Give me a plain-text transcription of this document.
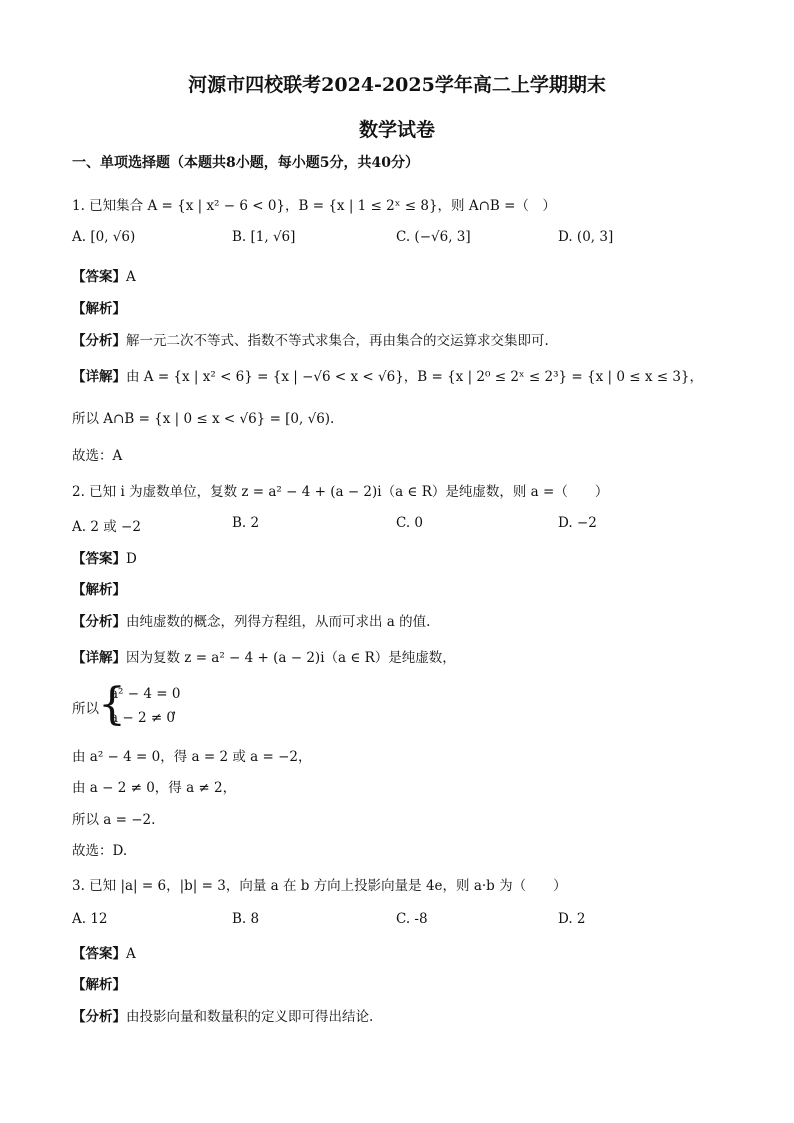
河源市四校联考2024-2025学年高二上学期期末
数学试卷
一、单项选择题（本题共8小题，每小题5分，共40分）
1. 已知集合 A = {x | x² − 6 < 0}，B = {x | 1 ≤ 2ˣ ≤ 8}，则 A∩B =（　）
A. [0, √6)	B. [1, √6]	C. (−√6, 3]	D. (0, 3]
【答案】A
【解析】
【分析】解一元二次不等式、指数不等式求集合，再由集合的交运算求交集即可.
【详解】由 A = {x | x² < 6} = {x | −√6 < x < √6}，B = {x | 2⁰ ≤ 2ˣ ≤ 2³} = {x | 0 ≤ x ≤ 3}，
所以 A∩B = {x | 0 ≤ x < √6} = [0, √6).
故选：A
2. 已知 i 为虚数单位，复数 z = a² − 4 + (a − 2)i（a ∈ R）是纯虚数，则 a =（　　）
A. 2 或 −2	B. 2	C. 0	D. −2
【答案】D
【解析】
【分析】由纯虚数的概念，列得方程组，从而可求出 a 的值.
【详解】因为复数 z = a² − 4 + (a − 2)i（a ∈ R）是纯虚数，
所以 {
a² − 4 = 0
a − 2 ≠ 0
，
由 a² − 4 = 0，得 a = 2 或 a = −2，
由 a − 2 ≠ 0，得 a ≠ 2，
所以 a = −2.
故选：D.
3. 已知 |a| = 6，|b| = 3，向量 a 在 b 方向上投影向量是 4e，则 a·b 为（　　）
A. 12	B. 8	C. -8	D. 2
【答案】A
【解析】
【分析】由投影向量和数量积的定义即可得出结论.
